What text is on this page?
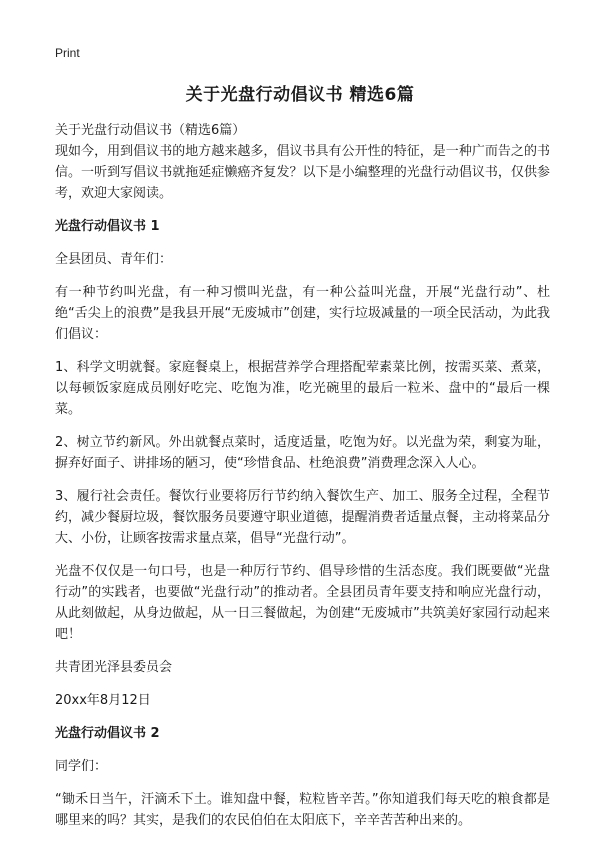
Print
关于光盘行动倡议书 精选6篇

关于光盘行动倡议书（精选6篇）

现如今，用到倡议书的地方越来越多，倡议书具有公开性的特征，是一种广而告之的书信。一听到写倡议书就拖延症懒癌齐复发？以下是小编整理的光盘行动倡议书，仅供参考，欢迎大家阅读。

光盘行动倡议书 1

全县团员、青年们：

有一种节约叫光盘，有一种习惯叫光盘，有一种公益叫光盘，开展“光盘行动”、杜绝“舌尖上的浪费”是我县开展“无废城市”创建，实行垃圾减量的一项全民活动，为此我们倡议：

1、科学文明就餐。家庭餐桌上，根据营养学合理搭配荤素菜比例，按需买菜、煮菜，以每顿饭家庭成员刚好吃完、吃饱为准，吃光碗里的最后一粒米、盘中的“最后一棵菜。

2、树立节约新风。外出就餐点菜时，适度适量，吃饱为好。以光盘为荣，剩宴为耻，摒弃好面子、讲排场的陋习，使“珍惜食品、杜绝浪费”消费理念深入人心。

3、履行社会责任。餐饮行业要将厉行节约纳入餐饮生产、加工、服务全过程，全程节约，减少餐厨垃圾，餐饮服务员要遵守职业道德，提醒消费者适量点餐，主动将菜品分大、小份，让顾客按需求量点菜，倡导“光盘行动”。

光盘不仅仅是一句口号，也是一种厉行节约、倡导珍惜的生活态度。我们既要做“光盘行动”的实践者，也要做“光盘行动”的推动者。全县团员青年要支持和响应光盘行动，从此刻做起，从身边做起，从一日三餐做起，为创建“无废城市”共筑美好家园行动起来吧！

共青团光泽县委员会

20xx年8月12日

光盘行动倡议书 2

同学们：

“锄禾日当午，汗滴禾下土。谁知盘中餐，粒粒皆辛苦。”你知道我们每天吃的粮食都是哪里来的吗？其实，是我们的农民伯伯在太阳底下，辛辛苦苦种出来的。
